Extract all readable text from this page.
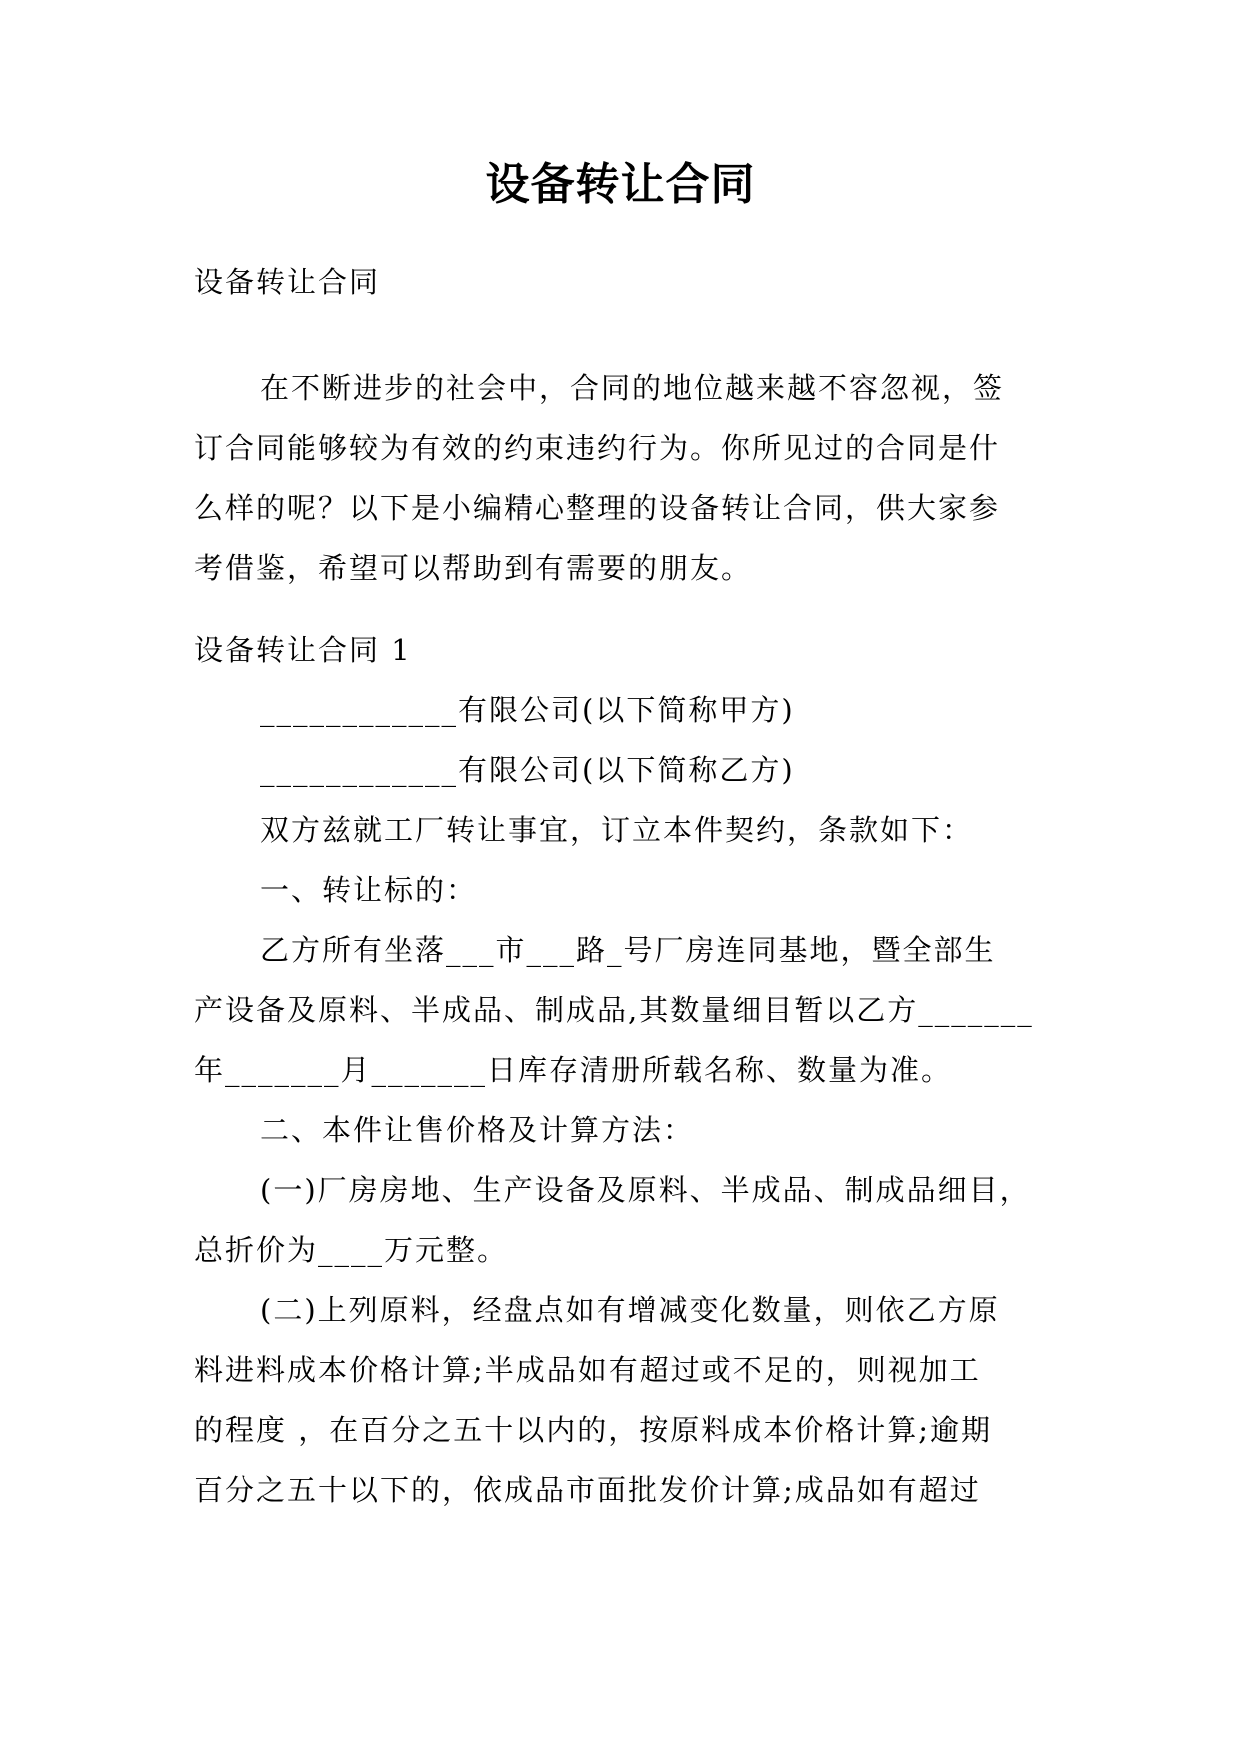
设备转让合同
设备转让合同
在不断进步的社会中，合同的地位越来越不容忽视，签
订合同能够较为有效的约束违约行为。你所见过的合同是什
么样的呢？以下是小编精心整理的设备转让合同，供大家参
考借鉴，希望可以帮助到有需要的朋友。
设备转让合同 1
____________有限公司(以下简称甲方)
____________有限公司(以下简称乙方)
双方兹就工厂转让事宜，订立本件契约，条款如下：
一、转让标的：
乙方所有坐落___市___路_号厂房连同基地，暨全部生
产设备及原料、半成品、制成品,其数量细目暂以乙方_______
年_______月_______日库存清册所载名称、数量为准。
二、本件让售价格及计算方法：
(一)厂房房地、生产设备及原料、半成品、制成品细目，
总折价为____万元整。
(二)上列原料，经盘点如有增减变化数量，则依乙方原
料进料成本价格计算;半成品如有超过或不足的，则视加工
的程度 ，在百分之五十以内的，按原料成本价格计算;逾期
百分之五十以下的，依成品市面批发价计算;成品如有超过
